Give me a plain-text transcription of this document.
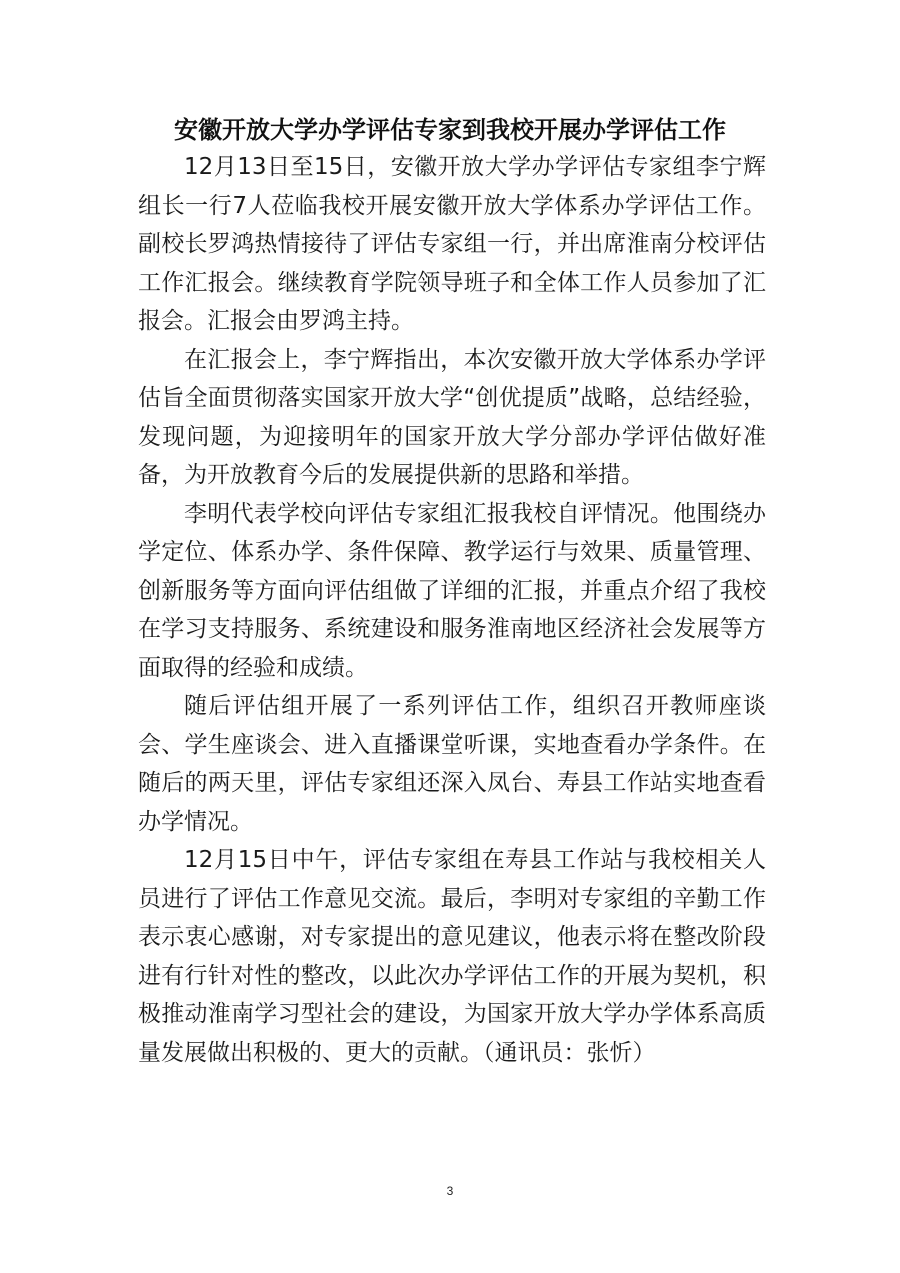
安徽开放大学办学评估专家到我校开展办学评估工作

12月13日至15日，安徽开放大学办学评估专家组李宁辉组长一行7人莅临我校开展安徽开放大学体系办学评估工作。副校长罗鸿热情接待了评估专家组一行，并出席淮南分校评估工作汇报会。继续教育学院领导班子和全体工作人员参加了汇报会。汇报会由罗鸿主持。

在汇报会上，李宁辉指出，本次安徽开放大学体系办学评估旨全面贯彻落实国家开放大学“创优提质”战略，总结经验，发现问题，为迎接明年的国家开放大学分部办学评估做好准备，为开放教育今后的发展提供新的思路和举措。

李明代表学校向评估专家组汇报我校自评情况。他围绕办学定位、体系办学、条件保障、教学运行与效果、质量管理、创新服务等方面向评估组做了详细的汇报，并重点介绍了我校在学习支持服务、系统建设和服务淮南地区经济社会发展等方面取得的经验和成绩。

随后评估组开展了一系列评估工作，组织召开教师座谈会、学生座谈会、进入直播课堂听课，实地查看办学条件。在随后的两天里，评估专家组还深入凤台、寿县工作站实地查看办学情况。

12月15日中午，评估专家组在寿县工作站与我校相关人员进行了评估工作意见交流。最后，李明对专家组的辛勤工作表示衷心感谢，对专家提出的意见建议，他表示将在整改阶段进有行针对性的整改，以此次办学评估工作的开展为契机，积极推动淮南学习型社会的建设，为国家开放大学办学体系高质量发展做出积极的、更大的贡献。（通讯员：张忻）

3
